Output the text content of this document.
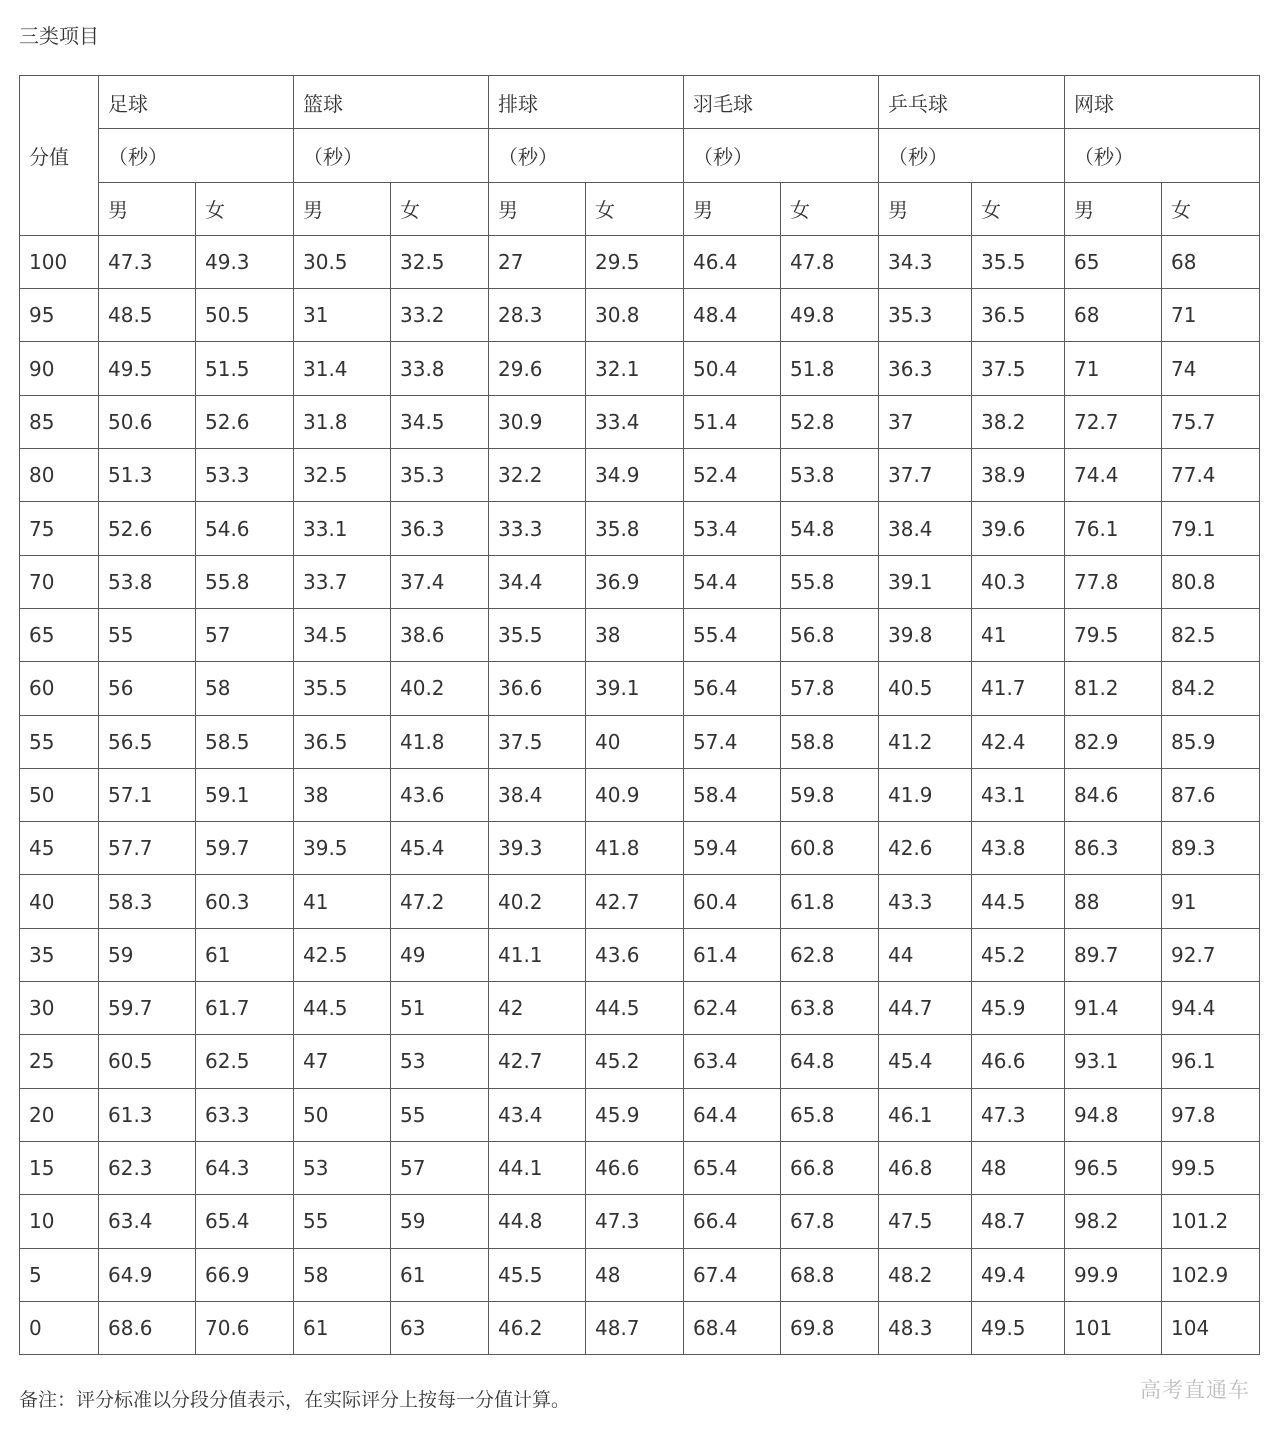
三类项目
分值	足球		篮球		排球		羽毛球		乒乓球		网球	
	（秒）		（秒）		（秒）		（秒）		（秒）		（秒）	
	男	女	男	女	男	女	男	女	男	女	男	女
100	47.3	49.3	30.5	32.5	27	29.5	46.4	47.8	34.3	35.5	65	68
95	48.5	50.5	31	33.2	28.3	30.8	48.4	49.8	35.3	36.5	68	71
90	49.5	51.5	31.4	33.8	29.6	32.1	50.4	51.8	36.3	37.5	71	74
85	50.6	52.6	31.8	34.5	30.9	33.4	51.4	52.8	37	38.2	72.7	75.7
80	51.3	53.3	32.5	35.3	32.2	34.9	52.4	53.8	37.7	38.9	74.4	77.4
75	52.6	54.6	33.1	36.3	33.3	35.8	53.4	54.8	38.4	39.6	76.1	79.1
70	53.8	55.8	33.7	37.4	34.4	36.9	54.4	55.8	39.1	40.3	77.8	80.8
65	55	57	34.5	38.6	35.5	38	55.4	56.8	39.8	41	79.5	82.5
60	56	58	35.5	40.2	36.6	39.1	56.4	57.8	40.5	41.7	81.2	84.2
55	56.5	58.5	36.5	41.8	37.5	40	57.4	58.8	41.2	42.4	82.9	85.9
50	57.1	59.1	38	43.6	38.4	40.9	58.4	59.8	41.9	43.1	84.6	87.6
45	57.7	59.7	39.5	45.4	39.3	41.8	59.4	60.8	42.6	43.8	86.3	89.3
40	58.3	60.3	41	47.2	40.2	42.7	60.4	61.8	43.3	44.5	88	91
35	59	61	42.5	49	41.1	43.6	61.4	62.8	44	45.2	89.7	92.7
30	59.7	61.7	44.5	51	42	44.5	62.4	63.8	44.7	45.9	91.4	94.4
25	60.5	62.5	47	53	42.7	45.2	63.4	64.8	45.4	46.6	93.1	96.1
20	61.3	63.3	50	55	43.4	45.9	64.4	65.8	46.1	47.3	94.8	97.8
15	62.3	64.3	53	57	44.1	46.6	65.4	66.8	46.8	48	96.5	99.5
10	63.4	65.4	55	59	44.8	47.3	66.4	67.8	47.5	48.7	98.2	101.2
5	64.9	66.9	58	61	45.5	48	67.4	68.8	48.2	49.4	99.9	102.9
0	68.6	70.6	61	63	46.2	48.7	68.4	69.8	48.3	49.5	101	104
备注：评分标准以分段分值表示，在实际评分上按每一分值计算。	高考直通车
